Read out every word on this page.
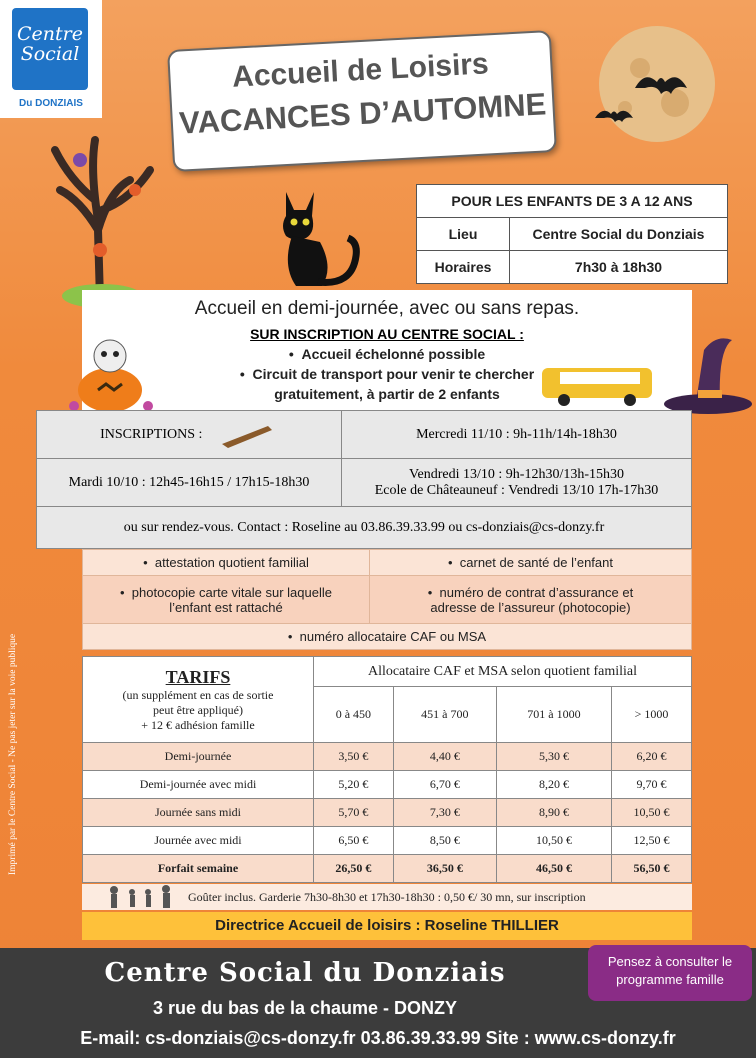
Centre
Social
Du DONZIAIS
Accueil de Loisirs
VACANCES D’AUTOMNE
POUR LES ENFANTS DE 3 A 12 ANS	
Lieu	Centre Social du Donziais
Horaires	7h30 à 18h30
Accueil en demi-journée, avec ou sans repas.
SUR INSCRIPTION AU CENTRE SOCIAL :
•  Accueil échelonné possible
•  Circuit de transport pour venir te chercher
gratuitement, à partir de 2 enfants
INSCRIPTIONS :	Mercredi 11/10 : 9h-11h/14h-18h30
Mardi 10/10 : 12h45-16h15 / 17h15-18h30	Vendredi 13/10 : 9h-12h30/13h-15h30
Ecole de Châteauneuf : Vendredi 13/10 17h-17h30

ou sur rendez-vous. Contact : Roseline au 03.86.39.33.99 ou cs-donziais@cs-donzy.fr	
•  attestation quotient familial	•  carnet de santé de l’enfant
•  photocopie carte vitale sur laquelle
l’enfant est rattaché	•  numéro de contrat d’assurance et
adresse de l’assureur (photocopie)
•  numéro allocataire CAF ou MSA	
TARIFS
(un supplément en cas de sortie
peut être appliqué)
+ 12 € adhésion famille	Allocataire CAF et MSA selon quotient familial			
	0 à 450	451 à 700	701 à 1000	> 1000
Demi-journée	3,50 €	4,40 €	5,30 €	6,20 €
Demi-journée avec midi	5,20 €	6,70 €	8,20 €	9,70 €
Journée sans midi	5,70 €	7,30 €	8,90 €	10,50 €
Journée avec midi	6,50 €	8,50 €	10,50 €	12,50 €
Forfait semaine	26,50 €	36,50 €	46,50 €	56,50 €
Goûter inclus. Garderie 7h30-8h30 et 17h30-18h30 : 0,50 €/ 30 mn, sur inscription
Directrice Accueil de loisirs : Roseline THILLIER
Centre Social du Donziais
3 rue du bas de la chaume - DONZY
E-mail: cs-donziais@cs-donzy.fr 03.86.39.33.99 Site : www.cs-donzy.fr
Pensez à consulter le programme famille
Imprimé par le Centre Social - Ne pas jeter sur la voie publique
